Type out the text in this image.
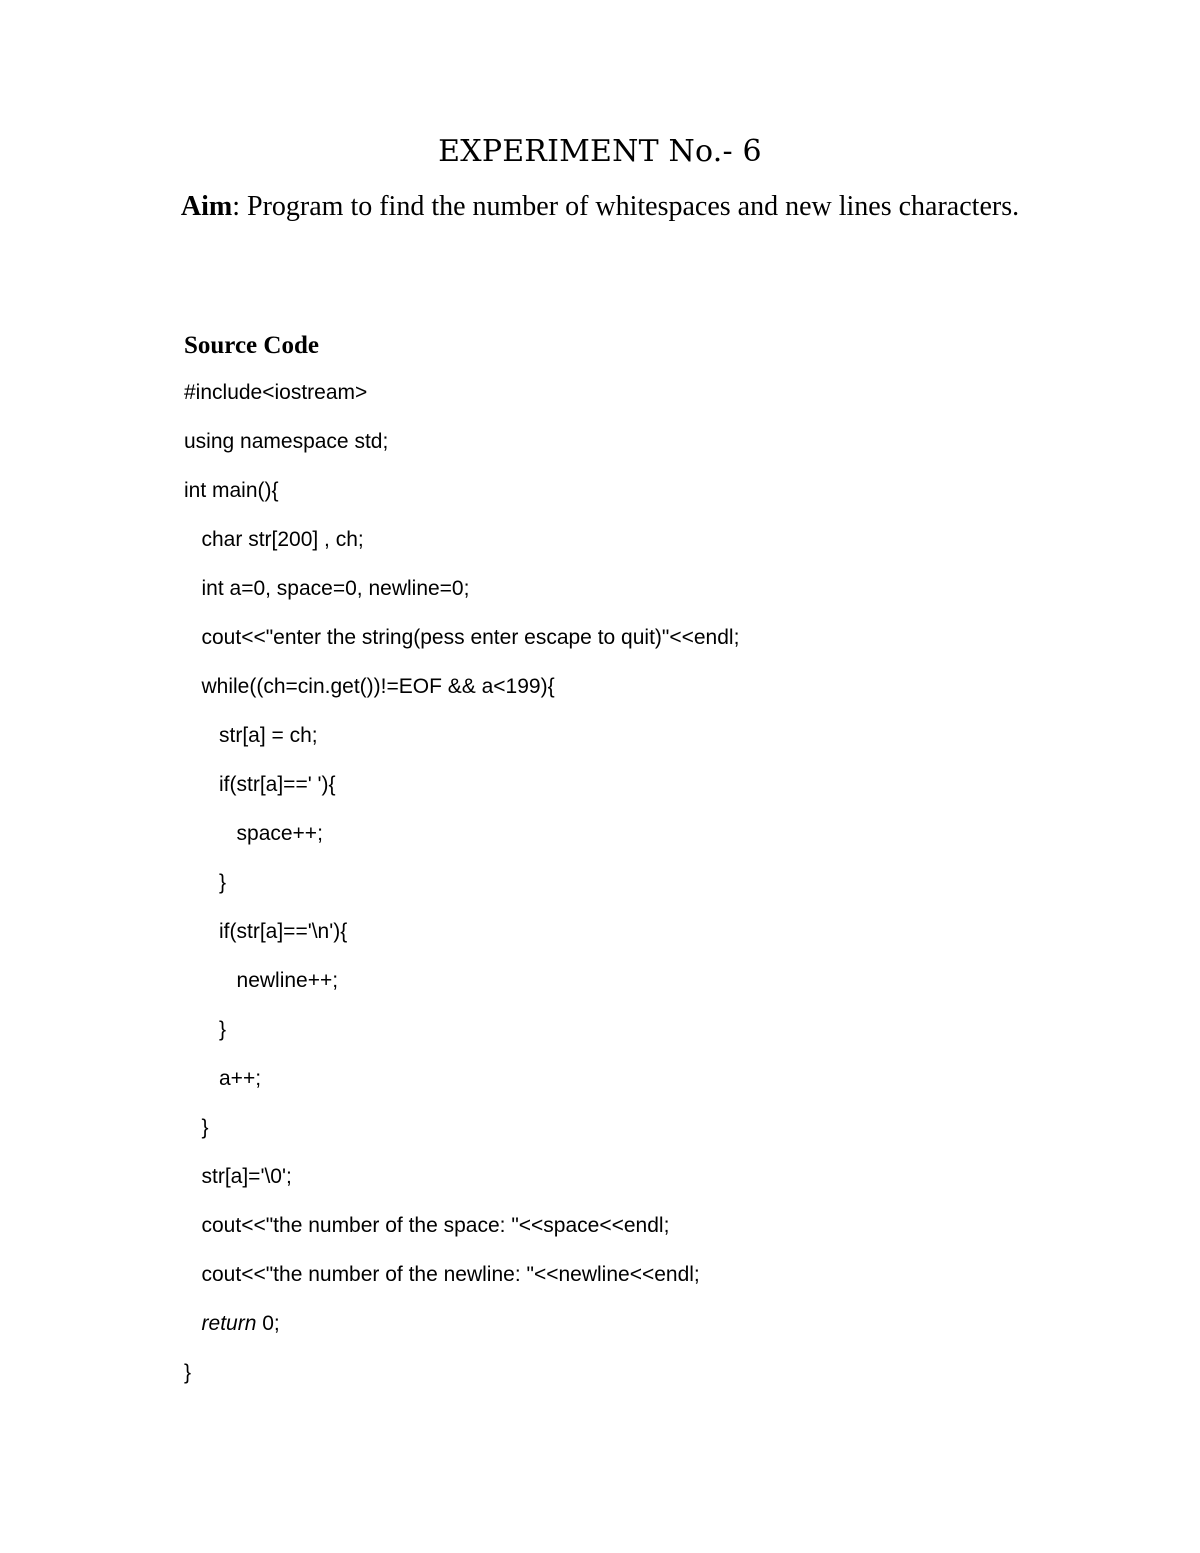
EXPERIMENT No.- 6

Aim: Program to find the number of whitespaces and new lines characters.

Source Code
#include<iostream>
using namespace std;
int main(){
char str[200] , ch;
int a=0, space=0, newline=0;
cout<<"enter the string(pess enter escape to quit)"<<endl;
while((ch=cin.get())!=EOF && a<199){
str[a] = ch;
if(str[a]==' '){
space++;
}
if(str[a]=='\n'){
newline++;
}
a++;
}
str[a]='\0';
cout<<"the number of the space: "<<space<<endl;
cout<<"the number of the newline: "<<newline<<endl;
return 0;
}
